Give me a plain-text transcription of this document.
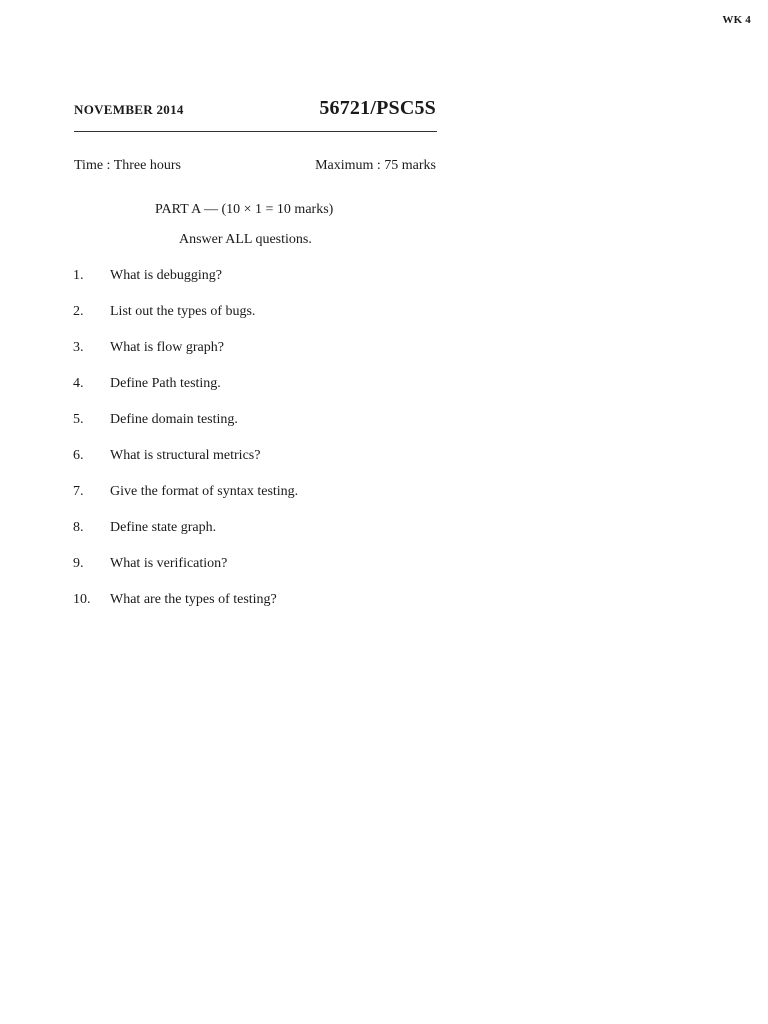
WK 4
NOVEMBER 2014	56721/PSC5S
Time : Three hours	Maximum : 75 marks
PART A — (10 × 1 = 10 marks)
Answer ALL questions.
1. What is debugging?
2. List out the types of bugs.
3. What is flow graph?
4. Define Path testing.
5. Define domain testing.
6. What is structural metrics?
7. Give the format of syntax testing.
8. Define state graph.
9. What is verification?
10. What are the types of testing?
